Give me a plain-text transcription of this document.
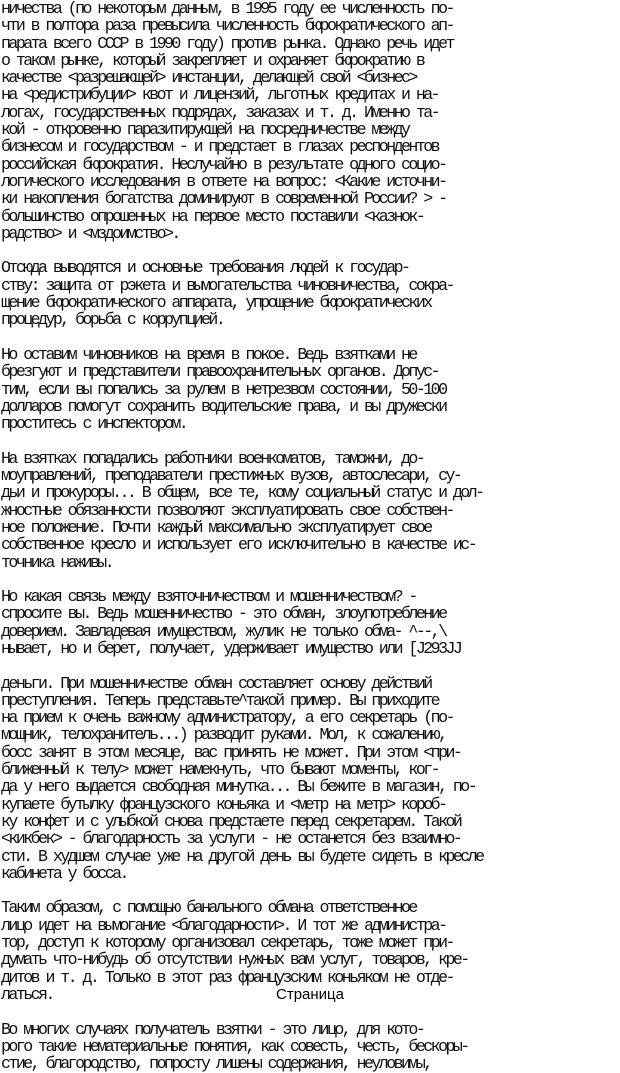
ничества (по некоторым данным, в 1995 году ее численность по-
чти в полтора раза превысила численность бюрократического ап-
парата всего СССР в 1990 году) против рынка. Однако речь идет
о таком рынке, который закрепляет и охраняет бюрократию в
качестве <разрешающей> инстанции, делающей свой <бизнес>
на <редистрибуции> квот и лицензий, льготных кредитах и на-
логах, государственных подрядах, заказах и т. д. Именно та-
кой - откровенно паразитирующей на посредничестве между
бизнесом и государством - и предстает в глазах респондентов
российская бюрократия. Неслучайно в результате одного социо-
логического исследования в ответе на вопрос: <Какие источни-
ки накопления богатства доминируют в современной России? > -
большинство опрошенных на первое место поставили <казнок-
радство> и <мздоимство>.
Отсюда выводятся и основные требования людей к государ-
ству: защита от рэкета и вымогательства чиновничества, сокра-
щение бюрократического аппарата, упрощение бюрократических
процедур, борьба с коррупцией.
Но оставим чиновников на время в покое. Ведь взятками не
брезгуют и представители правоохранительных органов. Допус-
тим, если вы попались за рулем в нетрезвом состоянии, 50-100
долларов помогут сохранить водительские права, и вы дружески
проститесь с инспектором.
На взятках попадались работники военкоматов, таможни, до-
моуправлений, преподаватели престижных вузов, автослесари, су-
дьи и прокуроры... В общем, все те, кому социальный статус и дол-
жностные обязанности позволяют эксплуатировать свое собствен-
ное положение. Почти каждый максимально эксплуатирует свое
собственное кресло и использует его исключительно в качестве ис-
точника наживы.
Но какая связь между взяточничеством и мошенничеством? -
спросите вы. Ведь мошенничество - это обман, злоупотребление
доверием. Завладевая имуществом, жулик не только обма- ^--,\
нывает, но и берет, получает, удерживает имущество или [J293JJ
деньги. При мошенничестве обман составляет основу действий
преступления. Теперь представьте^такой пример. Вы приходите
на прием к очень важному администратору, а его секретарь (по-
мощник, телохранитель...) разводит руками. Мол, к сожалению,
босс занят в этом месяце, вас принять не может. При этом <при-
ближенный к телу> может намекнуть, что бывают моменты, ког-
да у него выдается свободная минутка... Вы бежите в магазин, по-
купаете бутылку французского коньяка и <метр на метр> короб-
ку конфет и с улыбкой снова предстаете перед секретарем. Такой
<кикбек> - благодарность за услуги - не останется без взаимно-
сти. В худшем случае уже на другой день вы будете сидеть в кресле
кабинета у босса.
Таким образом, с помощью банального обмана ответственное
лицо идет на вымогание <благодарности>. И тот же администра-
тор, доступ к которому организовал секретарь, тоже может при-
думать что-нибудь об отсутствии нужных вам услуг, товаров, кре-
дитов и т. д. Только в этот раз французским коньяком не отде-
латься.
Во многих случаях получатель взятки - это лицо, для кото-
рого такие нематериальные понятия, как совесть, честь, бескоры-
стие, благородство, попросту лишены содержания, неуловимы,
Страница
